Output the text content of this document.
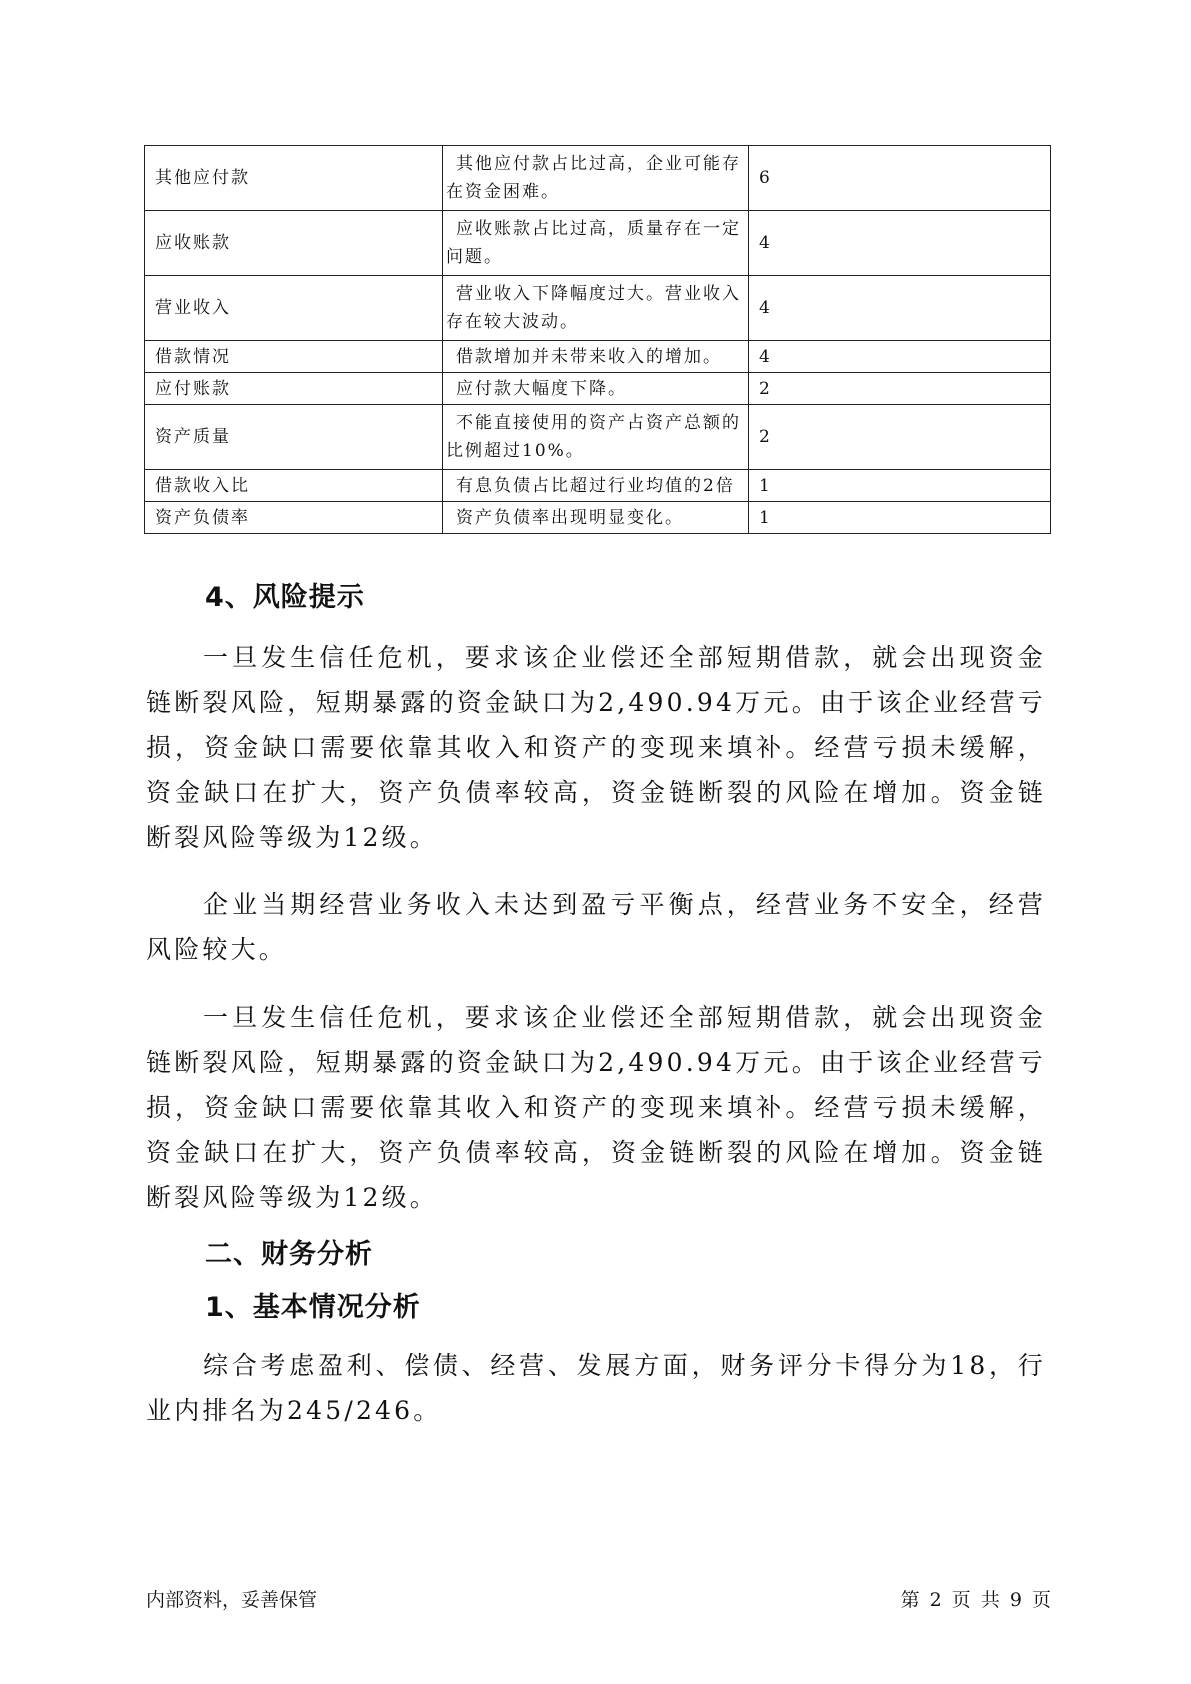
其他应付款	其他应付款占比过高，企业可能存在资金困难。	6
应收账款	应收账款占比过高，质量存在一定问题。	4
营业收入	营业收入下降幅度过大。营业收入存在较大波动。	4
借款情况	借款增加并未带来收入的增加。	4
应付账款	应付款大幅度下降。	2
资产质量	不能直接使用的资产占资产总额的比例超过10%。	2
借款收入比	有息负债占比超过行业均值的2倍	1
资产负债率	资产负债率出现明显变化。	1
4、风险提示

一旦发生信任危机，要求该企业偿还全部短期借款，就会出现资金链断裂风险，短期暴露的资金缺口为2,490.94万元。由于该企业经营亏损，资金缺口需要依靠其收入和资产的变现来填补。经营亏损未缓解，资金缺口在扩大，资产负债率较高，资金链断裂的风险在增加。资金链断裂风险等级为12级。

企业当期经营业务收入未达到盈亏平衡点，经营业务不安全，经营风险较大。

一旦发生信任危机，要求该企业偿还全部短期借款，就会出现资金链断裂风险，短期暴露的资金缺口为2,490.94万元。由于该企业经营亏损，资金缺口需要依靠其收入和资产的变现来填补。经营亏损未缓解，资金缺口在扩大，资产负债率较高，资金链断裂的风险在增加。资金链断裂风险等级为12级。

二、财务分析
1、基本情况分析

综合考虑盈利、偿债、经营、发展方面，财务评分卡得分为18，行业内排名为245/246。

内部资料，妥善保管	第 2 页 共 9 页
